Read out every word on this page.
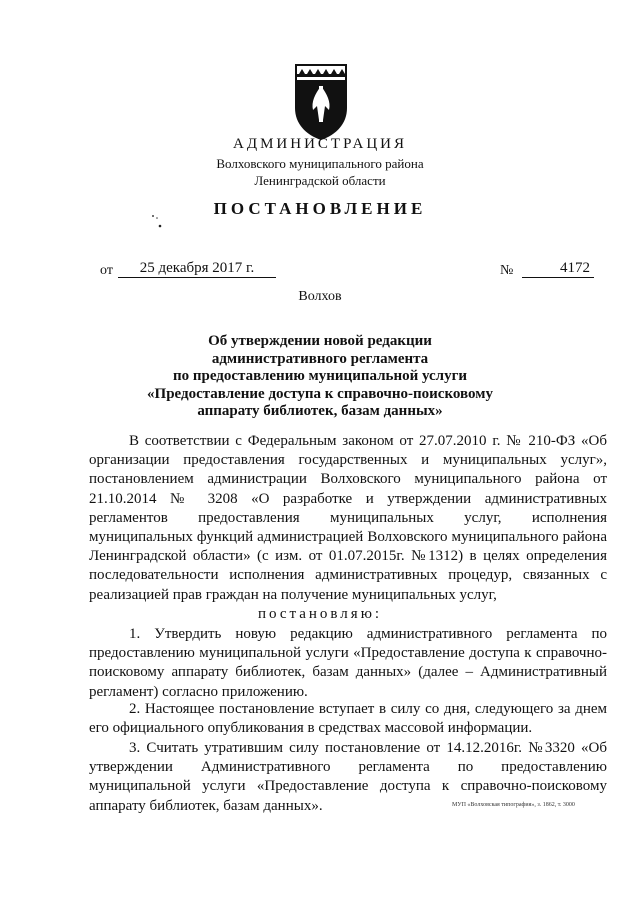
АДМИНИСТРАЦИЯ
Волховского муниципального района
Ленинградской области
ПОСТАНОВЛЕНИЕ
от	25 декабря 2017 г.	№	4172
Волхов
Об утверждении новой редакции
административного регламента
по предоставлению муниципальной услуги
«Предоставление доступа к справочно-поисковому
аппарату библиотек, базам данных»
В соответствии с Федеральным законом от 27.07.2010 г. № 210-ФЗ «Об организации предоставления государственных и муниципальных услуг», постановлением администрации Волховского муниципального района от 21.10.2014 № 3208 «О разработке и утверждении административных регламентов предоставления муниципальных услуг, исполнения муниципальных функций администрацией Волховского муниципального района Ленинградской области» (с изм. от 01.07.2015г. №1312) в целях определения последовательности исполнения административных процедур, связанных с реализацией прав граждан на получение муниципальных услуг,
постановляю:
1. Утвердить новую редакцию административного регламента по предоставлению муниципальной услуги «Предоставление доступа к справочно-поисковому аппарату библиотек, базам данных» (далее – Административный регламент) согласно приложению.
2. Настоящее постановление вступает в силу со дня, следующего за днем его официального опубликования в средствах массовой информации.
3. Считать утратившим силу постановление от 14.12.2016г. №3320 «Об утверждении Административного регламента по предоставлению муниципальной услуги «Предоставление доступа к справочно-поисковому аппарату библиотек, базам данных».	МУП «Волховская типография», з. 1862, т. 3000
